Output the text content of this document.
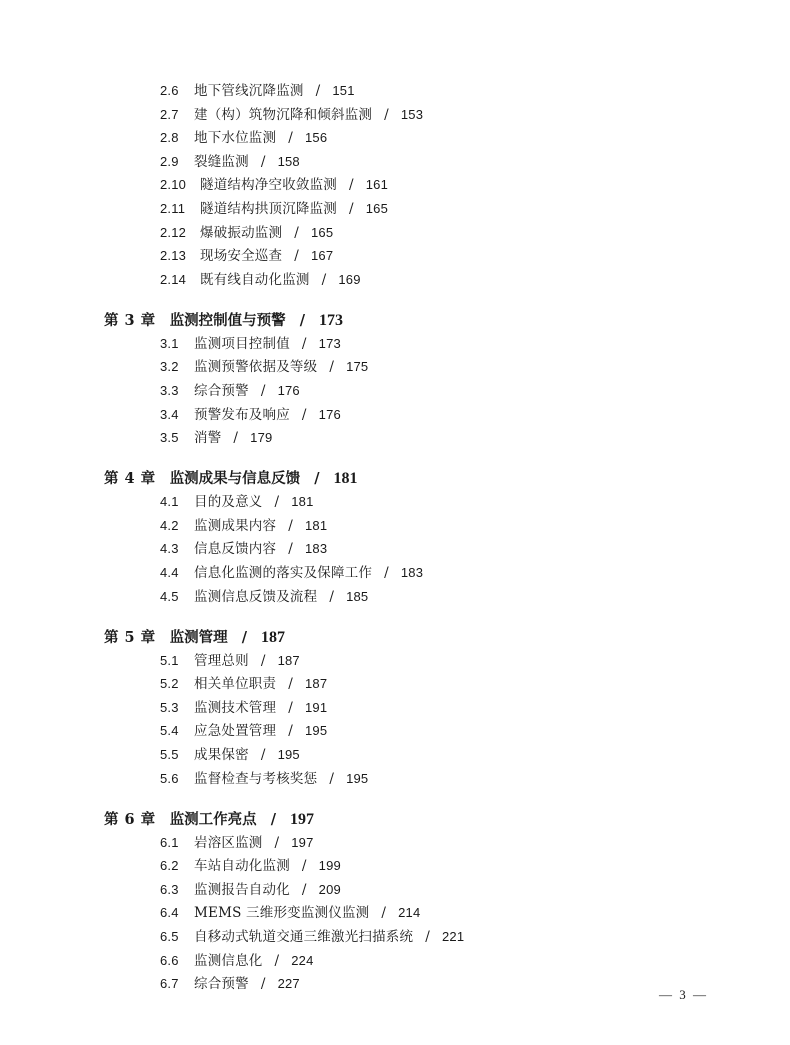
2.6 地下管线沉降监测 / 151
2.7 建（构）筑物沉降和倾斜监测 / 153
2.8 地下水位监测 / 156
2.9 裂缝监测 / 158
2.10 隧道结构净空收敛监测 / 161
2.11 隧道结构拱顶沉降监测 / 165
2.12 爆破振动监测 / 165
2.13 现场安全巡查 / 167
2.14 既有线自动化监测 / 169
第 3 章 监测控制值与预警 / 173
3.1 监测项目控制值 / 173
3.2 监测预警依据及等级 / 175
3.3 综合预警 / 176
3.4 预警发布及响应 / 176
3.5 消警 / 179
第 4 章 监测成果与信息反馈 / 181
4.1 目的及意义 / 181
4.2 监测成果内容 / 181
4.3 信息反馈内容 / 183
4.4 信息化监测的落实及保障工作 / 183
4.5 监测信息反馈及流程 / 185
第 5 章 监测管理 / 187
5.1 管理总则 / 187
5.2 相关单位职责 / 187
5.3 监测技术管理 / 191
5.4 应急处置管理 / 195
5.5 成果保密 / 195
5.6 监督检查与考核奖惩 / 195
第 6 章 监测工作亮点 / 197
6.1 岩溶区监测 / 197
6.2 车站自动化监测 / 199
6.3 监测报告自动化 / 209
6.4 MEMS 三维形变监测仪监测 / 214
6.5 自移动式轨道交通三维激光扫描系统 / 221
6.6 监测信息化 / 224
6.7 综合预警 / 227
— 3 —
